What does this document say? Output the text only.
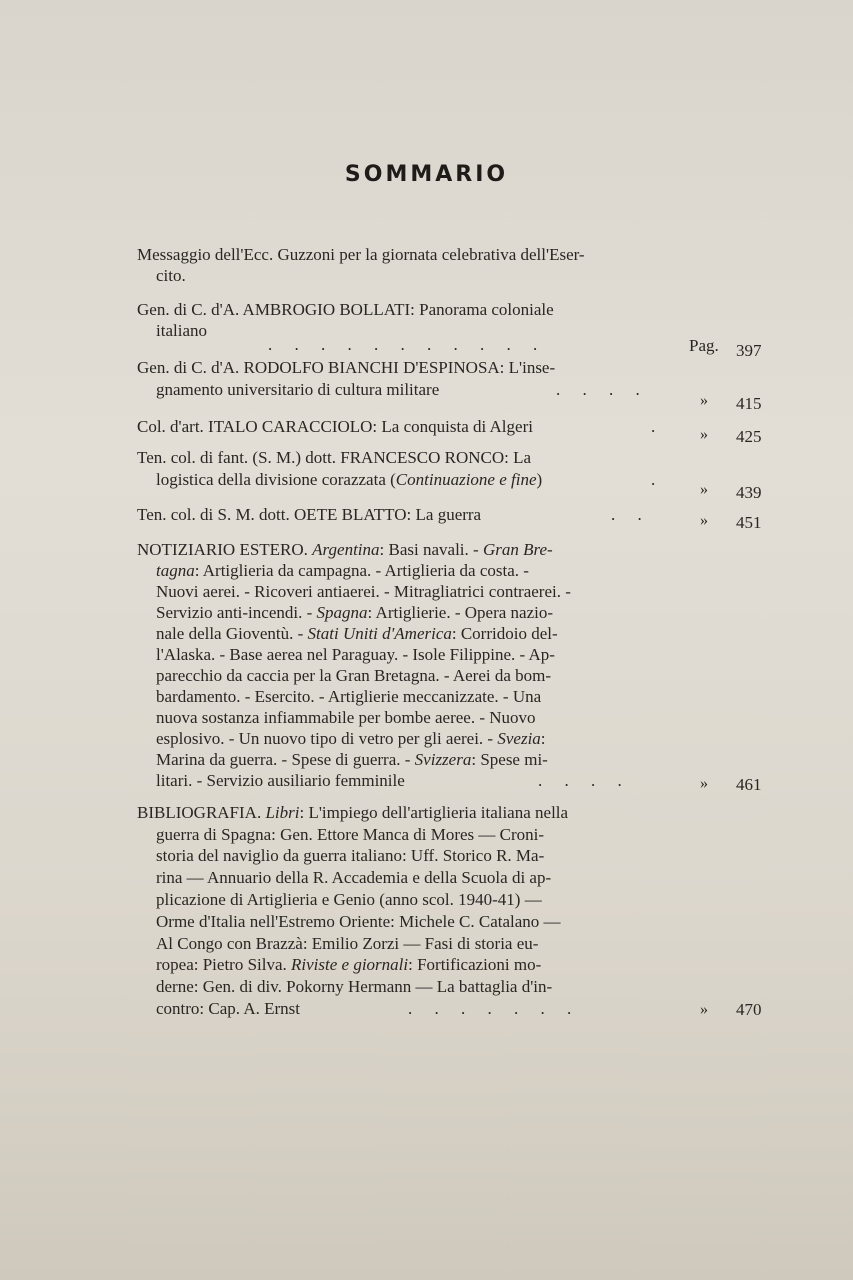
SOMMARIO
Messaggio dell'Ecc. Guzzoni per la giornata celebrativa dell'Eser-
cito.
Gen. di C. d'A. AMBROGIO BOLLATI: Panorama coloniale
italiano
. . . . . . . . . . .	Pag. 397
Gen. di C. d'A. RODOLFO BIANCHI D'ESPINOSA: L'inse-
gnamento universitario di cultura militare	. . . .
» 415
Col. d'art. ITALO CARACCIOLO: La conquista di Algeri	.	» 425
Ten. col. di fant. (S. M.) dott. FRANCESCO RONCO: La
logistica della divisione corazzata (Continuazione e fine)	.
» 439
Ten. col. di S. M. dott. OETE BLATTO: La guerra	. .	» 451
NOTIZIARIO ESTERO. Argentina: Basi navali. - Gran Bre-
tagna: Artiglieria da campagna. - Artiglieria da costa. -
Nuovi aerei. - Ricoveri antiaerei. - Mitragliatrici contraerei. -
Servizio anti-incendi. - Spagna: Artiglierie. - Opera nazio-
nale della Gioventù. - Stati Uniti d'America: Corridoio del-
l'Alaska. - Base aerea nel Paraguay. - Isole Filippine. - Ap-
parecchio da caccia per la Gran Bretagna. - Aerei da bom-
bardamento. - Esercito. - Artiglierie meccanizzate. - Una
nuova sostanza infiammabile per bombe aeree. - Nuovo
esplosivo. - Un nuovo tipo di vetro per gli aerei. - Svezia:
Marina da guerra. - Spese di guerra. - Svizzera: Spese mi-
litari. - Servizio ausiliario femminile	. . . .	» 461
BIBLIOGRAFIA. Libri: L'impiego dell'artiglieria italiana nella
guerra di Spagna: Gen. Ettore Manca di Mores — Croni-
storia del naviglio da guerra italiano: Uff. Storico R. Ma-
rina — Annuario della R. Accademia e della Scuola di ap-
plicazione di Artiglieria e Genio (anno scol. 1940-41) —
Orme d'Italia nell'Estremo Oriente: Michele C. Catalano —
Al Congo con Brazzà: Emilio Zorzi — Fasi di storia eu-
ropea: Pietro Silva. Riviste e giornali: Fortificazioni mo-
derne: Gen. di div. Pokorny Hermann — La battaglia d'in-
contro: Cap. A. Ernst	. . . . . . .	» 470
